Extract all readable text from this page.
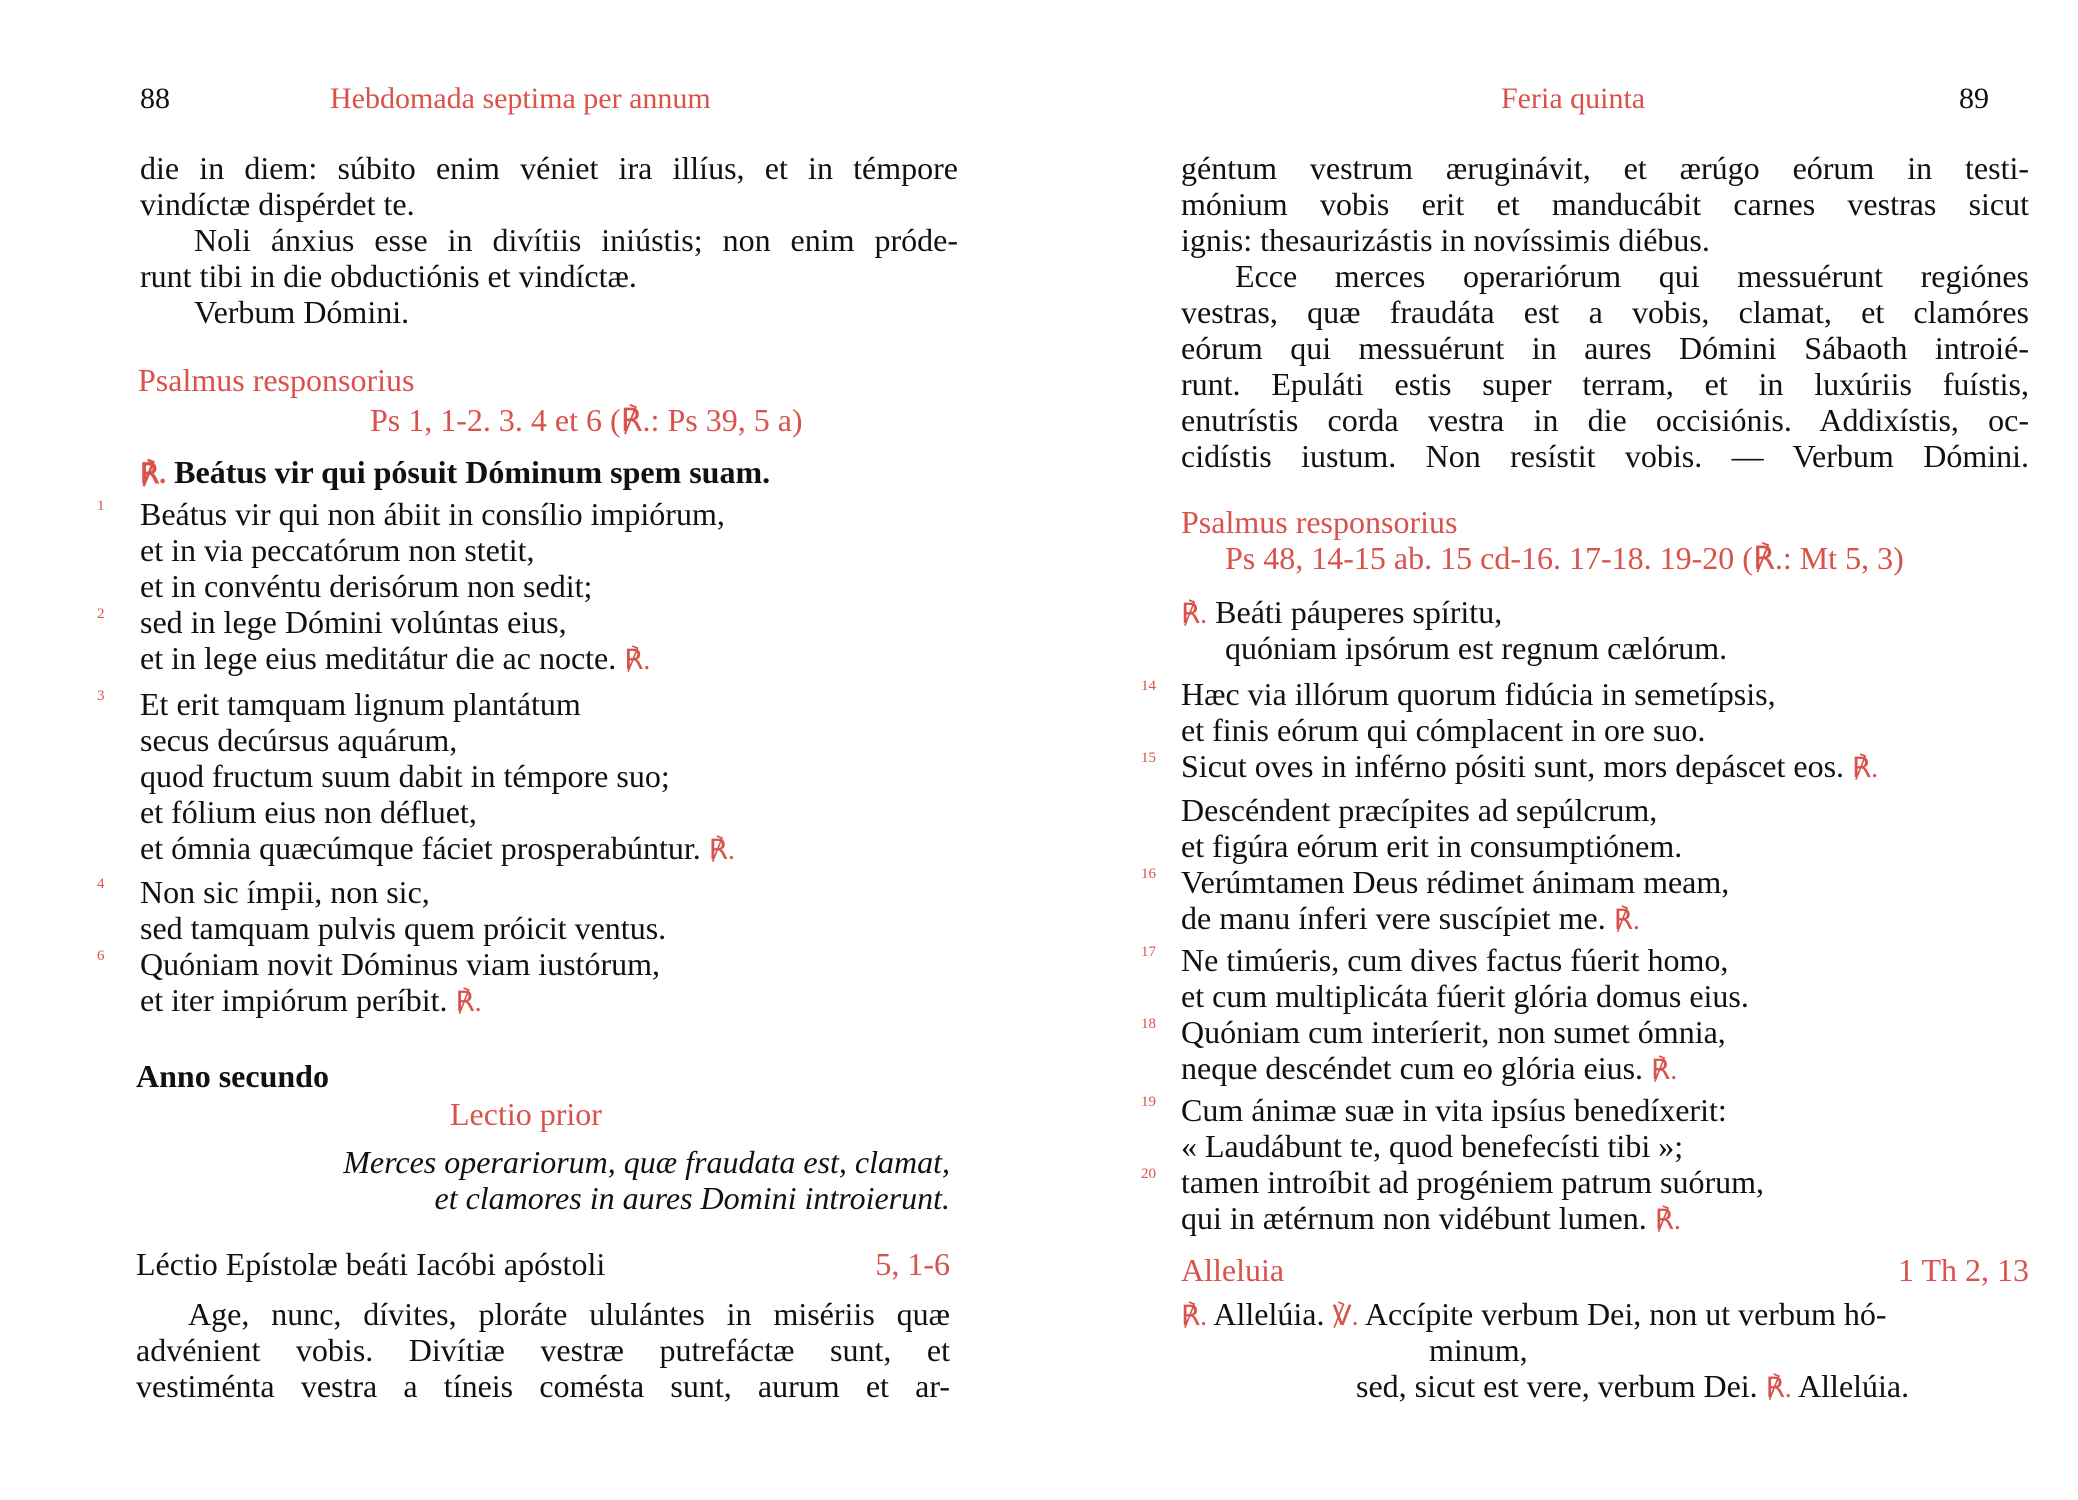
88	Hebdomada septima per annum
die in diem: súbito enim véniet ira illíus, et in témpore
vindíctæ dispérdet te.
Noli ánxius esse in divítiis iniústis; non enim pródе-
runt tibi in die obductiónis et vindíctæ.
Verbum Dómini.
Psalmus responsorius
Ps 1, 1-2. 3. 4 et 6 (℟.: Ps 39, 5 a)
℟. Beátus vir qui pósuit Dóminum spem suam.
1 Beátus vir qui non ábiit in consílio impiórum,
et in via peccatórum non stetit,
et in convéntu derisórum non sedit;
2 sed in lege Dómini volúntas eius,
et in lege eius meditátur die ac nocte. ℟.
3 Et erit tamquam lignum plantátum
secus decúrsus aquárum,
quod fructum suum dabit in témpore suo;
et fólium eius non défluet,
et ómnia quæcúmque fáciet prosperabúntur. ℟.
4 Non sic ímpii, non sic,
sed tamquam pulvis quem próicit ventus.
6 Quóniam novit Dóminus viam iustórum,
et iter impiórum períbit. ℟.
Anno secundo
Lectio prior
Merces operariorum, quæ fraudata est, clamat,
et clamores in aures Domini introierunt.
Léctio Epístolæ beáti Iacóbi apóstoli	5, 1-6
Age, nunc, dívites, ploráte ululántes in misériis quæ
advénient vobis. Divítiæ vestræ putrefáctæ sunt, et
vestiménta vestra a tíneis comésta sunt, aurum et ar-
Feria quinta	89
géntum vestrum æruginávit, et ærúgo eórum in testi-
mónium vobis erit et manducábit carnes vestras sicut
ignis: thesaurizástis in novíssimis diébus.
Ecce merces operariórum qui messuérunt regiónes
vestras, quæ fraudáta est a vobis, clamat, et clamóres
eórum qui messuérunt in aures Dómini Sábaoth introié-
runt. Epuláti estis super terram, et in luxúriis fuístis,
enutrístis corda vestra in die occisiónis. Addixístis, oc-
cidístis iustum. Non resístit vobis. — Verbum Dómini.
Psalmus responsorius
Ps 48, 14-15 ab. 15 cd-16. 17-18. 19-20 (℟.: Mt 5, 3)
℟. Beáti páuperes spíritu,
quóniam ipsórum est regnum cælórum.
14 Hæc via illórum quorum fidúcia in semetípsis,
et finis eórum qui cómplacent in ore suo.
15 Sicut oves in inférno pósiti sunt, mors depáscet eos. ℟.
Descéndent præcípites ad sepúlcrum,
et figúra eórum erit in consumptiónem.
16 Verúmtamen Deus rédimet ánimam meam,
de manu ínferi vere suscípiet me. ℟.
17 Ne timúeris, cum dives factus fúerit homo,
et cum multiplicáta fúerit glória domus eius.
18 Quóniam cum interíerit, non sumet ómnia,
neque descéndet cum eo glória eius. ℟.
19 Cum ánimæ suæ in vita ipsíus benedíxerit:
« Laudábunt te, quod benefecísti tibi »;
20 tamen introíbit ad progéniem patrum suórum,
qui in ætérnum non vidébunt lumen. ℟.
Alleluia	1 Th 2, 13
℟. Allelúia. ℣. Accípite verbum Dei, non ut verbum hó-
minum,
sed, sicut est vere, verbum Dei. ℟. Allelúia.
